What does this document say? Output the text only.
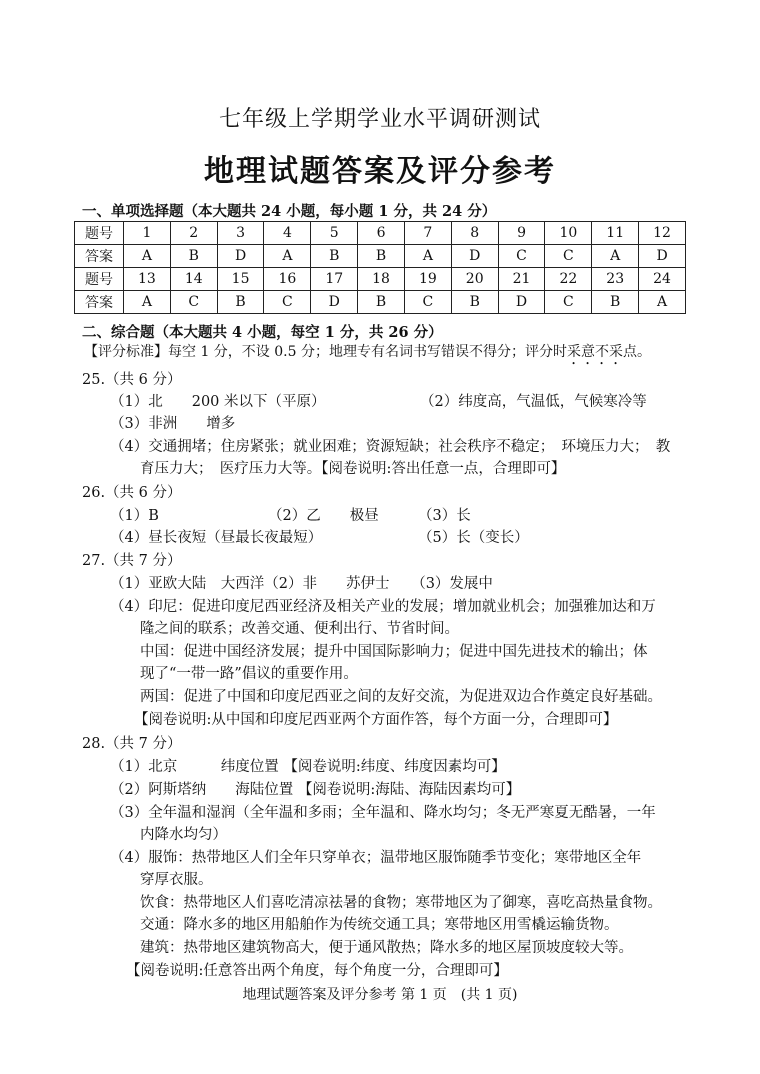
七年级上学期学业水平调研测试
地理试题答案及评分参考
一、单项选择题（本大题共 24 小题，每小题 1 分，共 24 分）
题号	1	2	3	4	5	6	7	8	9	10	11	12
答案	A	B	D	A	B	B	A	D	C	C	A	D
题号	13	14	15	16	17	18	19	20	21	22	23	24
答案	A	C	B	C	D	B	C	B	D	C	B	A
二、综合题（本大题共 4 小题，每空 1 分，共 26 分）
【评分标准】每空 1 分，不设 0.5 分；地理专有名词书写错误不得分；评分时采意不采点。
25.（共 6 分）
（1）北　　200 米以下（平原）	（2）纬度高，气温低，气候寒冷等
（3）非洲　　增多
（4）交通拥堵；住房紧张；就业困难；资源短缺；社会秩序不稳定；　环境压力大；　教
育压力大；　医疗压力大等。【阅卷说明:答出任意一点，合理即可】
26.（共 6 分）
（1）B	（2）乙　　极昼	（3）长
（4）昼长夜短（昼最长夜最短）	（5）长（变长）
27.（共 7 分）
（1）亚欧大陆　大西洋（2）非　　苏伊士　　（3）发展中
（4）印尼：促进印度尼西亚经济及相关产业的发展；增加就业机会；加强雅加达和万
隆之间的联系；改善交通、便利出行、节省时间。
中国：促进中国经济发展；提升中国国际影响力；促进中国先进技术的输出；体
现了“一带一路”倡议的重要作用。
两国：促进了中国和印度尼西亚之间的友好交流，为促进双边合作奠定良好基础。
【阅卷说明:从中国和印度尼西亚两个方面作答，每个方面一分，合理即可】
28.（共 7 分）
（1）北京　　　纬度位置 【阅卷说明:纬度、纬度因素均可】
（2）阿斯塔纳　　海陆位置 【阅卷说明:海陆、海陆因素均可】
（3）全年温和湿润（全年温和多雨；全年温和、降水均匀；冬无严寒夏无酷暑，一年
内降水均匀）
（4）服饰：热带地区人们全年只穿单衣；温带地区服饰随季节变化；寒带地区全年
穿厚衣服。
饮食：热带地区人们喜吃清凉祛暑的食物；寒带地区为了御寒，喜吃高热量食物。
交通：降水多的地区用船舶作为传统交通工具；寒带地区用雪橇运输货物。
建筑：热带地区建筑物高大，便于通风散热；降水多的地区屋顶坡度较大等。
【阅卷说明:任意答出两个角度，每个角度一分，合理即可】
地理试题答案及评分参考 第 1 页　(共 1 页)
